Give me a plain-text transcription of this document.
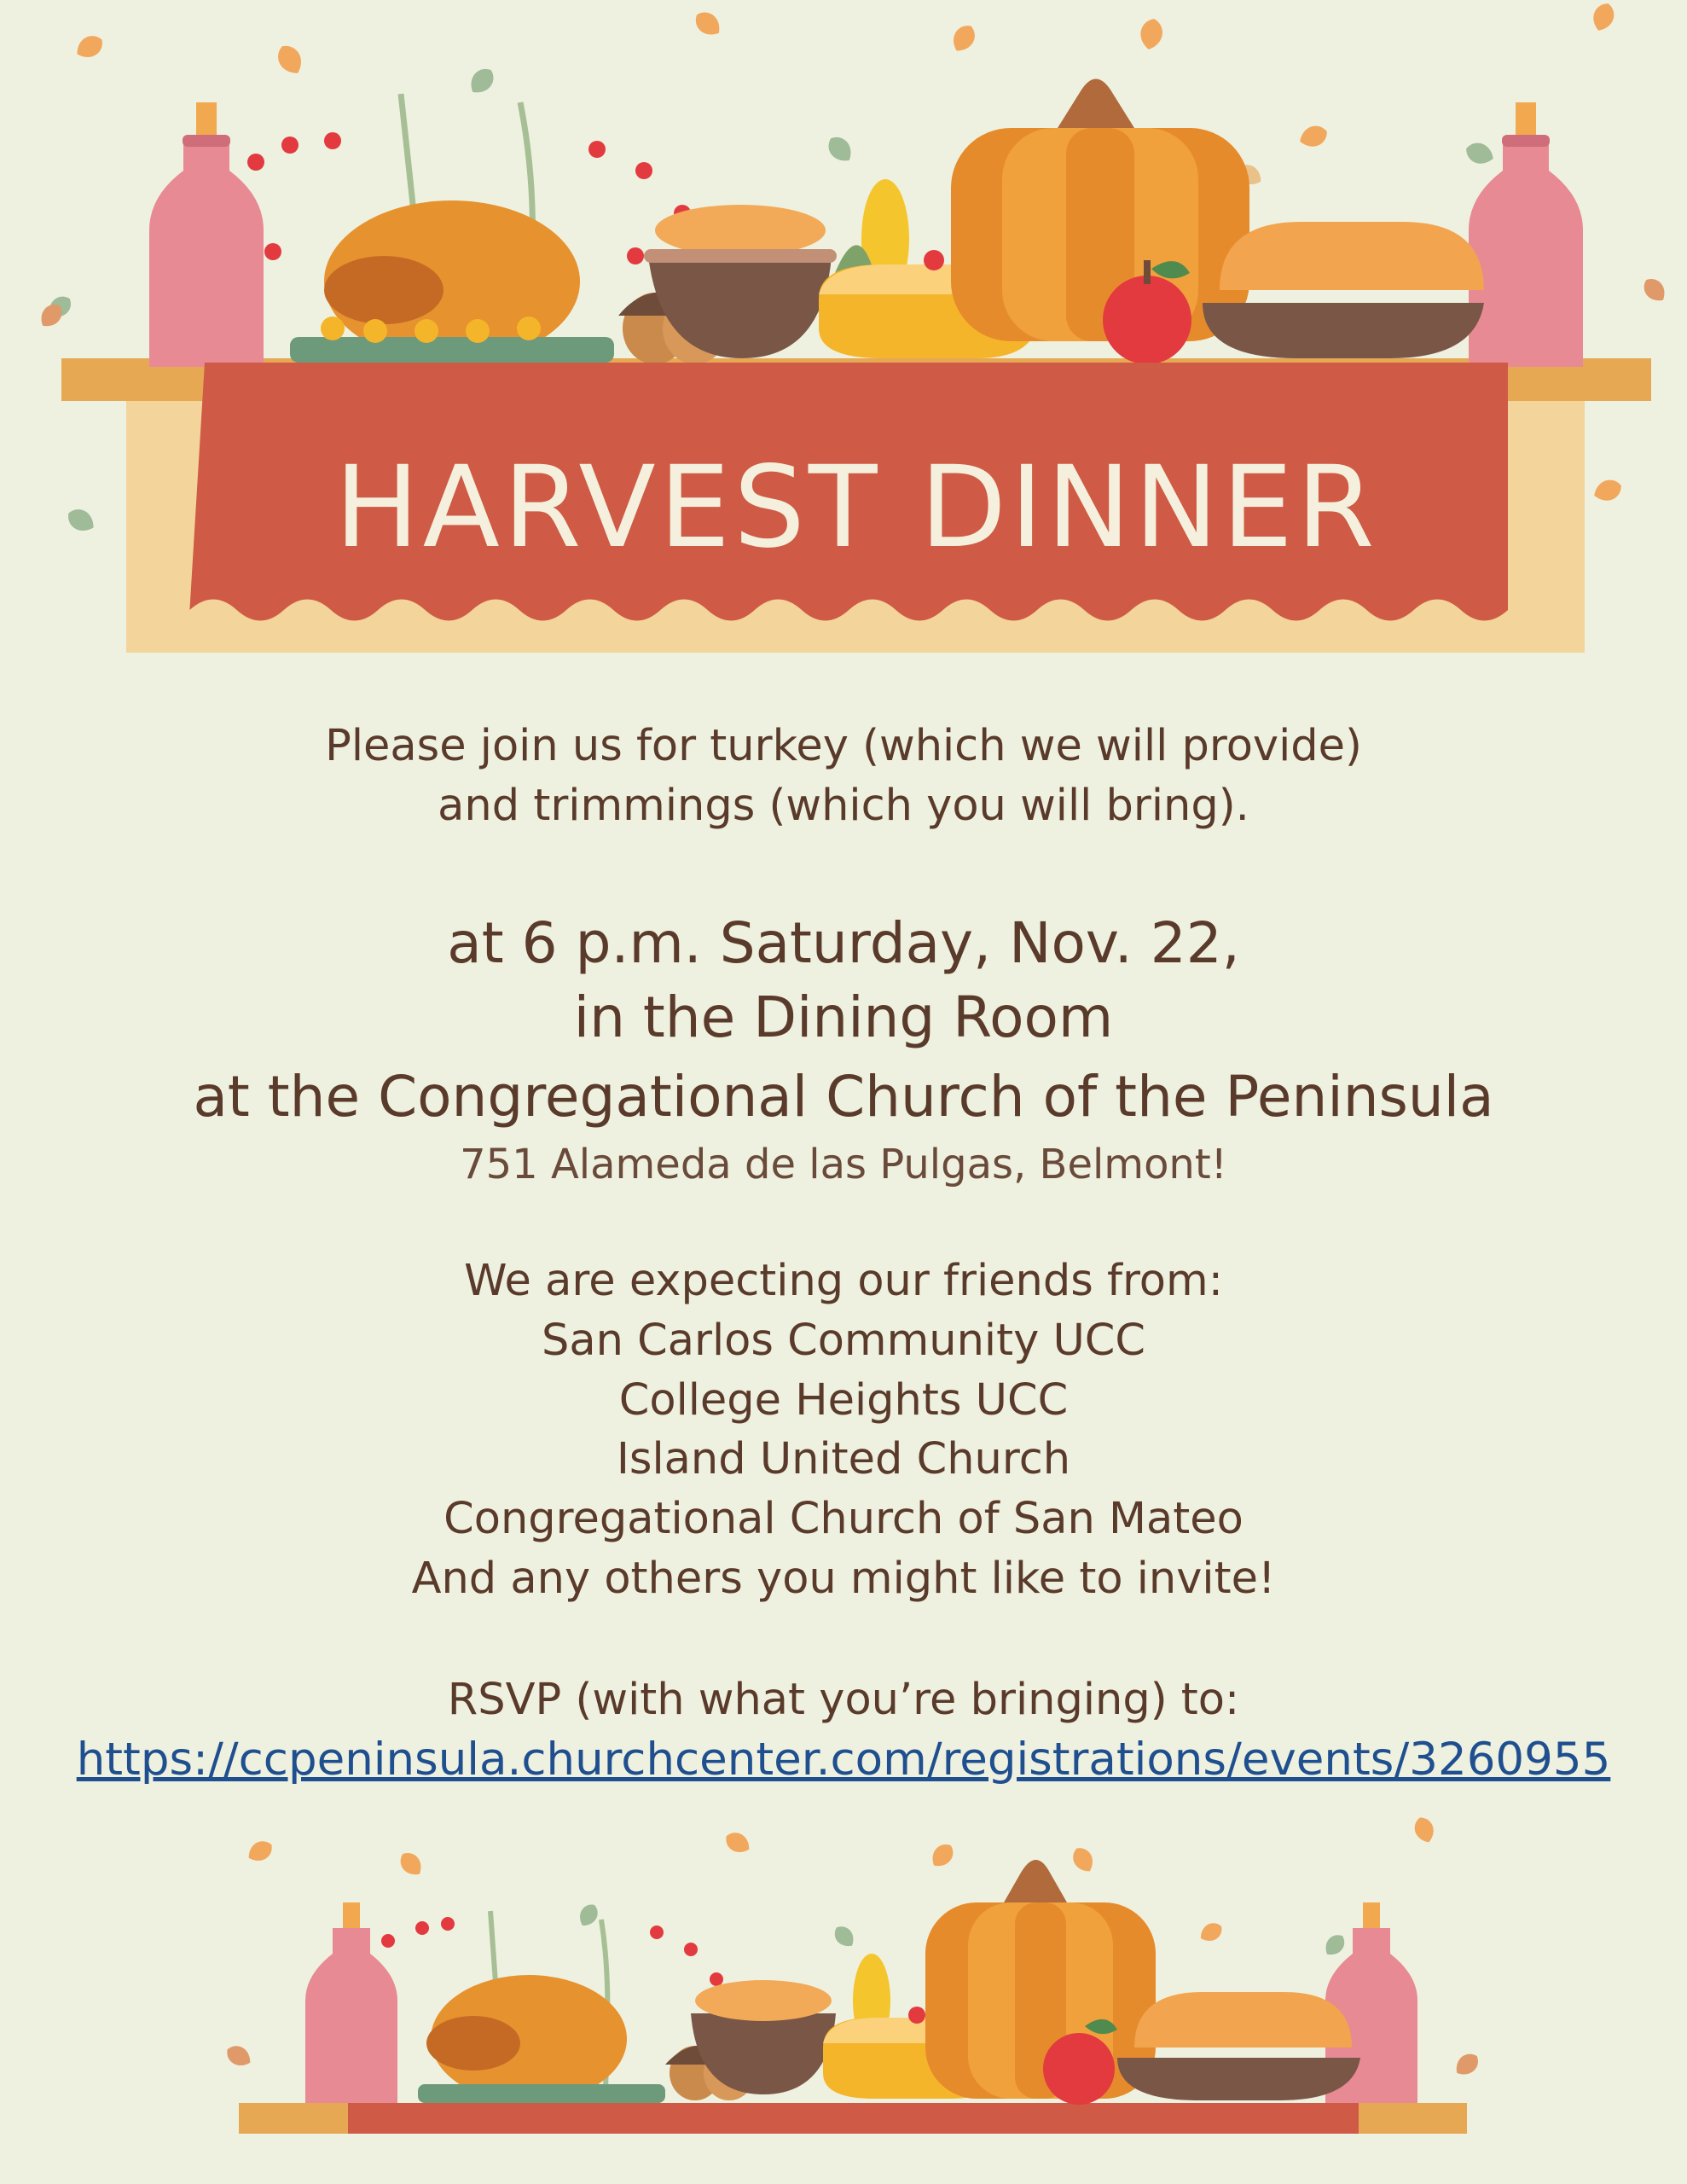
HARVEST DINNER
Please join us for turkey (which we will provide)
and trimmings (which you will bring).
at 6 p.m. Saturday, Nov. 22,
in the Dining Room
at the Congregational Church of the Peninsula
751 Alameda de las Pulgas, Belmont!
We are expecting our friends from:
San Carlos Community UCC
College Heights UCC
Island United Church
Congregational Church of San Mateo
And any others you might like to invite!
RSVP (with what you’re bringing) to:
https://ccpeninsula.churchcenter.com/registrations/events/3260955
